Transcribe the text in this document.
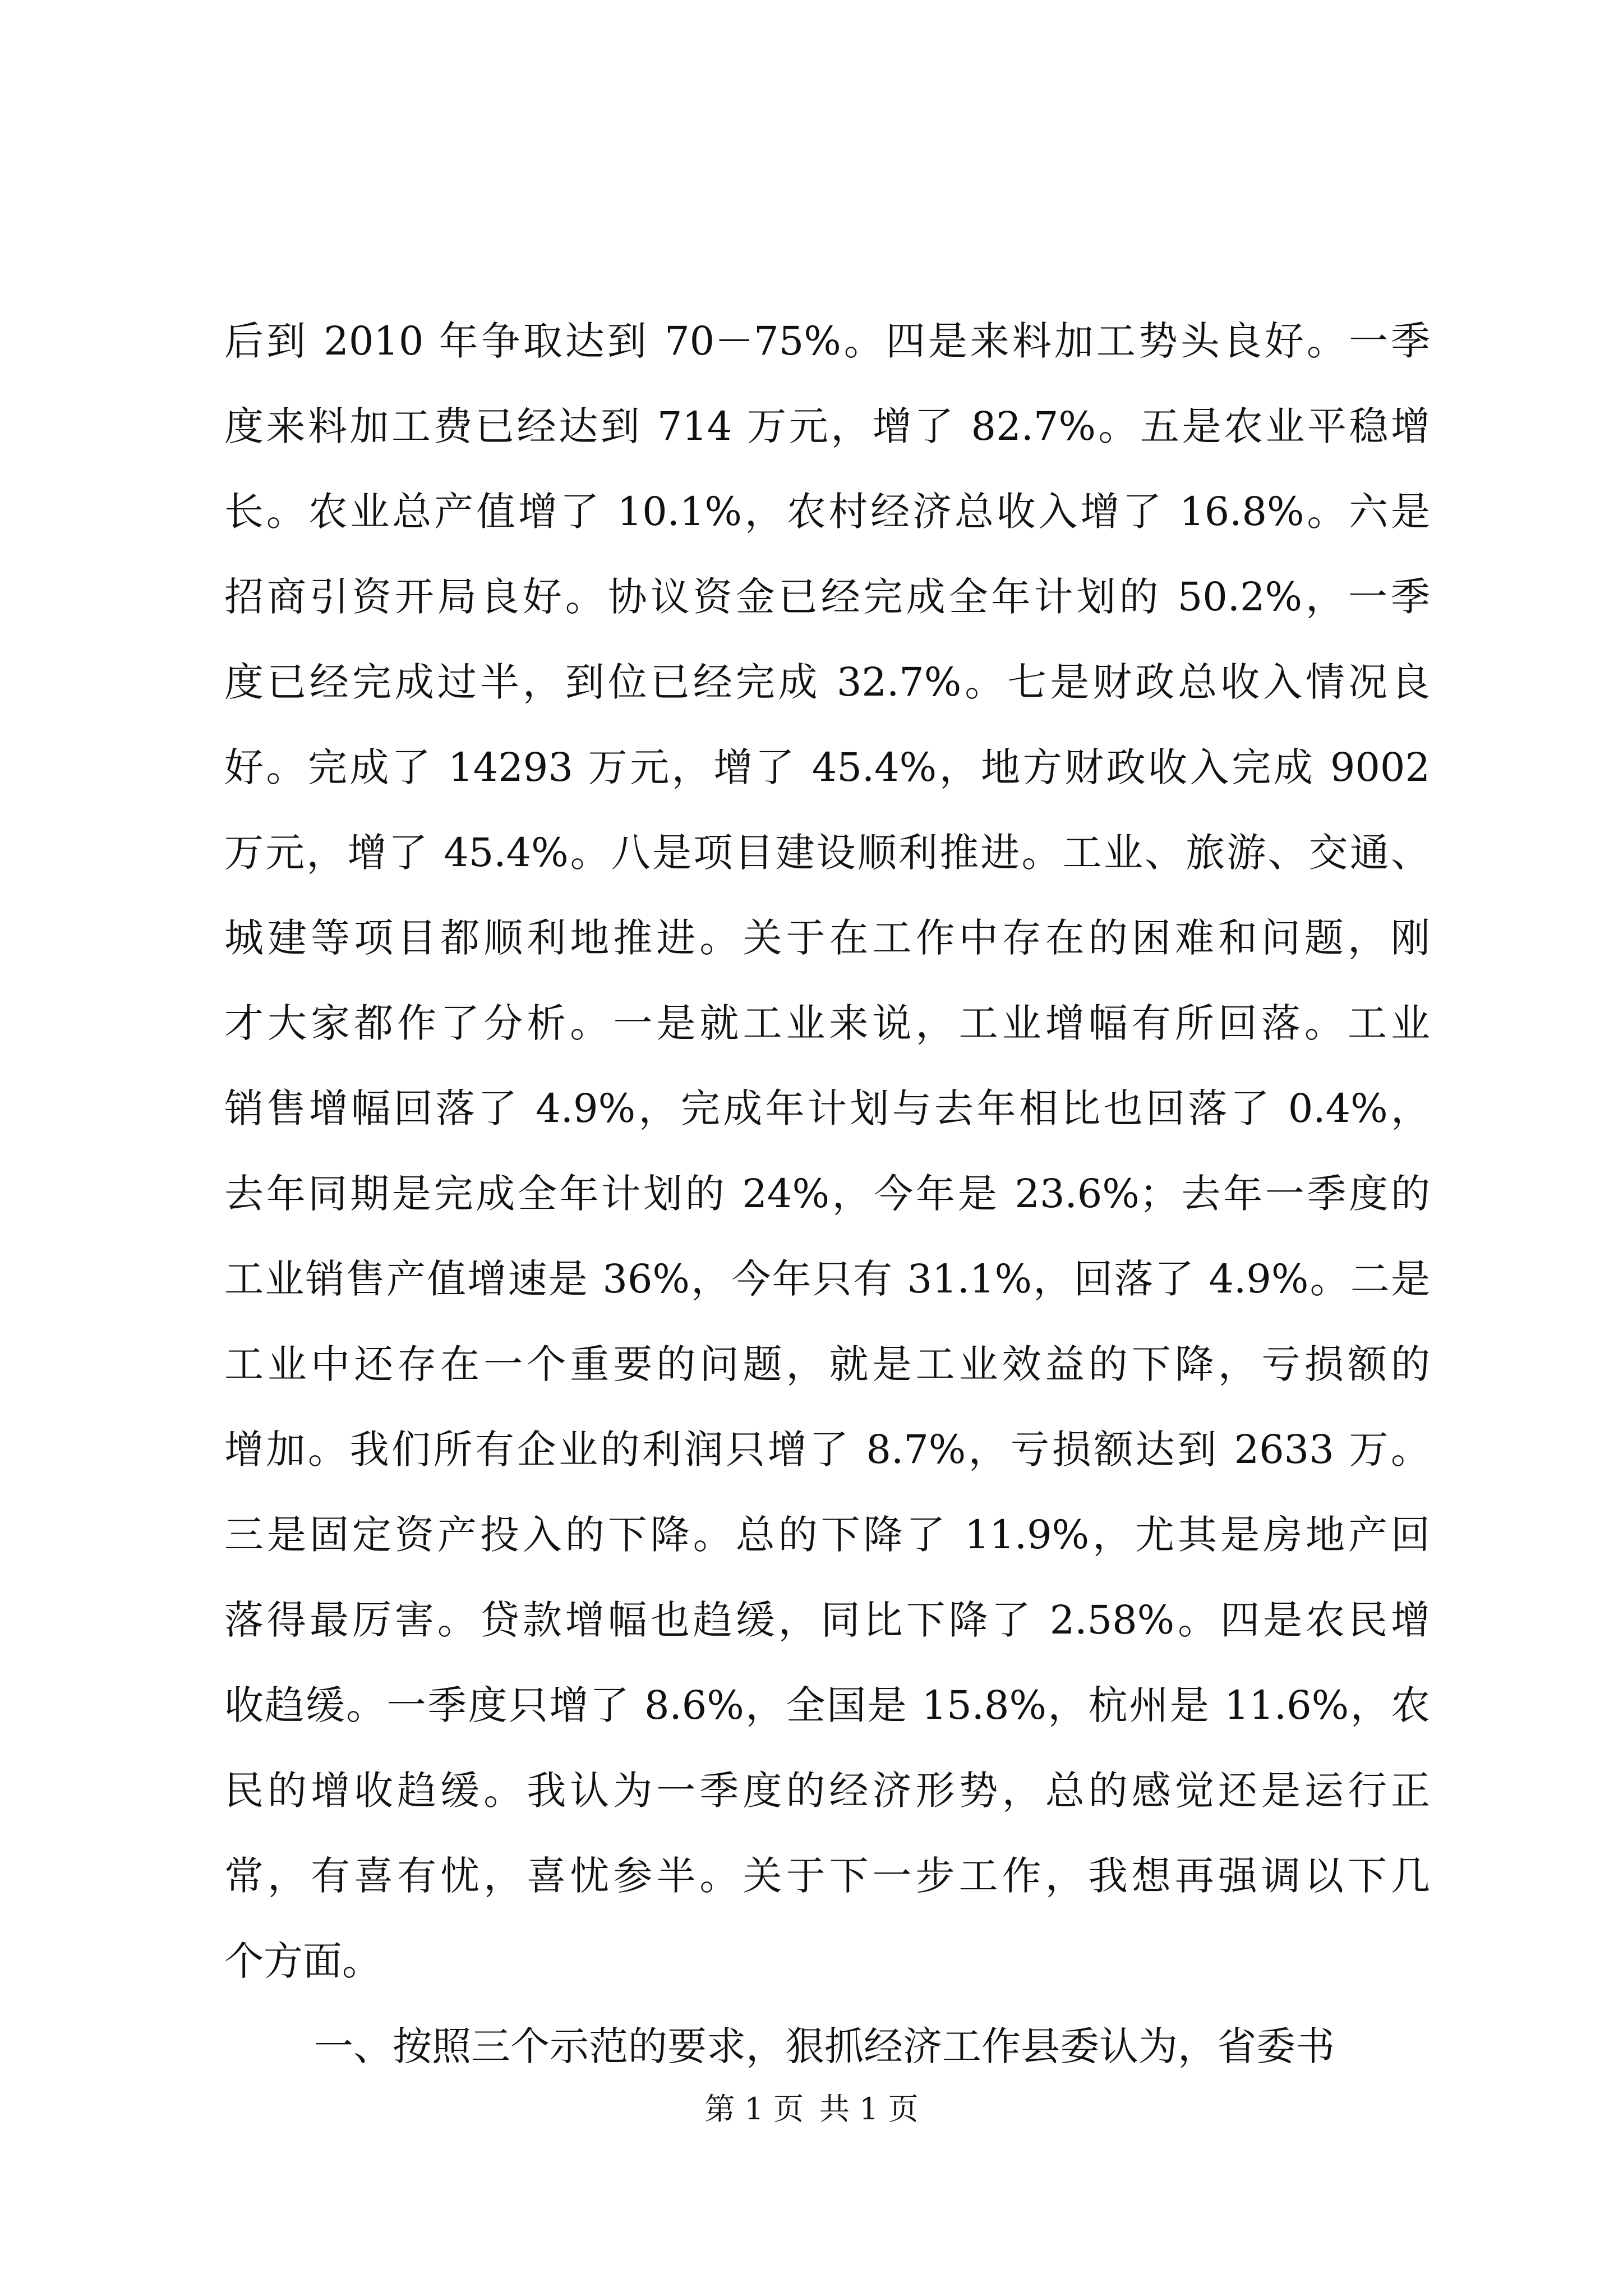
后到 2010 年争取达到 70－75%。四是来料加工势头良好。一季
度来料加工费已经达到 714 万元，增了 82.7%。五是农业平稳增
长。农业总产值增了 10.1%，农村经济总收入增了 16.8%。六是
招商引资开局良好。协议资金已经完成全年计划的 50.2%，一季
度已经完成过半，到位已经完成 32.7%。七是财政总收入情况良
好。完成了 14293 万元，增了 45.4%，地方财政收入完成 9002
万元，增了 45.4%。八是项目建设顺利推进。工业、旅游、交通、
城建等项目都顺利地推进。关于在工作中存在的困难和问题，刚
才大家都作了分析。一是就工业来说，工业增幅有所回落。工业
销售增幅回落了 4.9%，完成年计划与去年相比也回落了 0.4%，
去年同期是完成全年计划的 24%，今年是 23.6%；去年一季度的
工业销售产值增速是 36%，今年只有 31.1%，回落了 4.9%。二是
工业中还存在一个重要的问题，就是工业效益的下降，亏损额的
增加。我们所有企业的利润只增了 8.7%，亏损额达到 2633 万。
三是固定资产投入的下降。总的下降了 11.9%，尤其是房地产回
落得最厉害。贷款增幅也趋缓，同比下降了 2.58%。四是农民增
收趋缓。一季度只增了 8.6%，全国是 15.8%，杭州是 11.6%，农
民的增收趋缓。我认为一季度的经济形势，总的感觉还是运行正
常，有喜有忧，喜忧参半。关于下一步工作，我想再强调以下几
个方面。
一、按照三个示范的要求，狠抓经济工作县委认为，省委书
第 1 页 共 1 页
